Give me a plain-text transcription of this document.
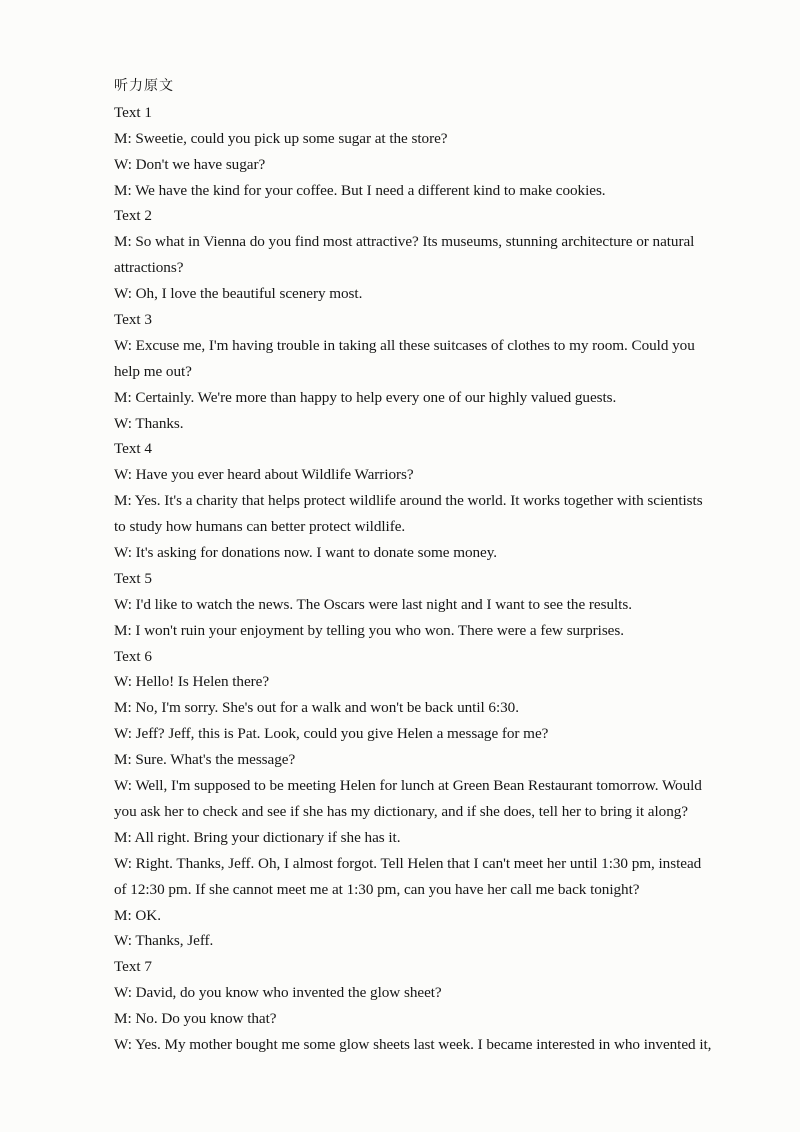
听力原文
Text 1
M: Sweetie, could you pick up some sugar at the store?
W: Don't we have sugar?
M: We have the kind for your coffee. But I need a different kind to make cookies.
Text 2
M: So what in Vienna do you find most attractive? Its museums, stunning architecture or natural
attractions?
W: Oh, I love the beautiful scenery most.
Text 3
W: Excuse me, I'm having trouble in taking all these suitcases of clothes to my room. Could you
help me out?
M: Certainly. We're more than happy to help every one of our highly valued guests.
W: Thanks.
Text 4
W: Have you ever heard about Wildlife Warriors?
M: Yes. It's a charity that helps protect wildlife around the world. It works together with scientists
to study how humans can better protect wildlife.
W: It's asking for donations now. I want to donate some money.
Text 5
W: I'd like to watch the news. The Oscars were last night and I want to see the results.
M: I won't ruin your enjoyment by telling you who won. There were a few surprises.
Text 6
W: Hello! Is Helen there?
M: No, I'm sorry. She's out for a walk and won't be back until 6:30.
W: Jeff? Jeff, this is Pat. Look, could you give Helen a message for me?
M: Sure. What's the message?
W: Well, I'm supposed to be meeting Helen for lunch at Green Bean Restaurant tomorrow. Would
you ask her to check and see if she has my dictionary, and if she does, tell her to bring it along?
M: All right. Bring your dictionary if she has it.
W: Right. Thanks, Jeff. Oh, I almost forgot. Tell Helen that I can't meet her until 1:30 pm, instead
of 12:30 pm. If she cannot meet me at 1:30 pm, can you have her call me back tonight?
M: OK.
W: Thanks, Jeff.
Text 7
W: David, do you know who invented the glow sheet?
M: No. Do you know that?
W: Yes. My mother bought me some glow sheets last week. I became interested in who invented it,
